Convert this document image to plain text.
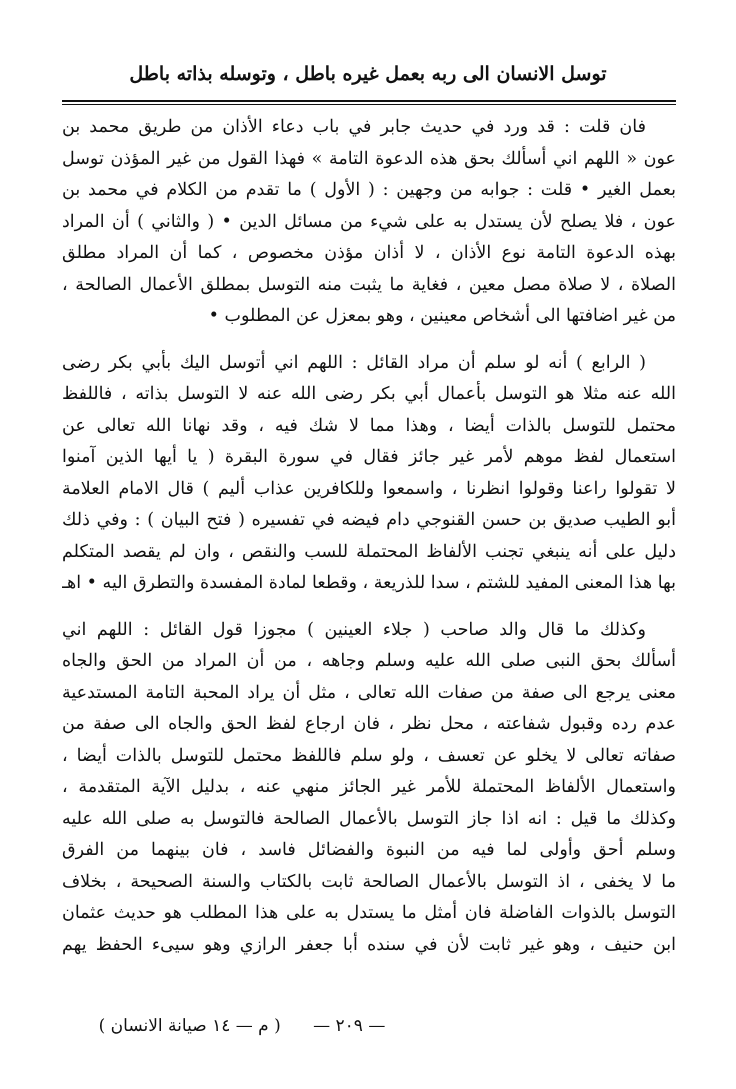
توسل الانسان الى ربه بعمل غيره باطل ، وتوسله بذاته باطل
فان قلت : قد ورد في حديث جابر في باب دعاء الأذان من طريق محمد بن
عون « اللهم اني أسألك بحق هذه الدعوة التامة » فهذا القول من غير المؤذن توسل
بعمل الغير • قلت : جوابه من وجهين : ( الأول ) ما تقدم من الكلام في محمد بن
عون ، فلا يصلح لأن يستدل به على شيء من مسائل الدين • ( والثاني ) أن المراد
بهذه الدعوة التامة نوع الأذان ، لا أذان مؤذن مخصوص ، كما أن المراد مطلق
الصلاة ، لا صلاة مصل معين ، فغاية ما يثبت منه التوسل بمطلق الأعمال الصالحة ،
من غير اضافتها الى أشخاص معينين ، وهو بمعزل عن المطلوب •
( الرابع ) أنه لو سلم أن مراد القائل : اللهم اني أتوسل اليك بأبي بكر رضى
الله عنه مثلا هو التوسل بأعمال أبي بكر رضى الله عنه لا التوسل بذاته ، فاللفظ
محتمل للتوسل بالذات أيضا ، وهذا مما لا شك فيه ، وقد نهانا الله تعالى عن
استعمال لفظ موهم لأمر غير جائز فقال في سورة البقرة ( يا أيها الذين آمنوا
لا تقولوا راعنا وقولوا انظرنا ، واسمعوا وللكافرين عذاب أليم ) قال الامام العلامة
أبو الطيب صديق بن حسن القنوجي دام فيضه في تفسيره ( فتح البيان ) : وفي ذلك
دليل على أنه ينبغي تجنب الألفاظ المحتملة للسب والنقص ، وان لم يقصد المتكلم
بها هذا المعنى المفيد للشتم ، سدا للذريعة ، وقطعا لمادة المفسدة والتطرق اليه • اهـ
وكذلك ما قال والد صاحب ( جلاء العينين ) مجوزا قول القائل : اللهم اني
أسألك بحق النبى صلى الله عليه وسلم وجاهه ، من أن المراد من الحق والجاه
معنى يرجع الى صفة من صفات الله تعالى ، مثل أن يراد المحبة التامة المستدعية
عدم رده وقبول شفاعته ، محل نظر ، فان ارجاع لفظ الحق والجاه الى صفة من
صفاته تعالى لا يخلو عن تعسف ، ولو سلم فاللفظ محتمل للتوسل بالذات أيضا ،
واستعمال الألفاظ المحتملة للأمر غير الجائز منهي عنه ، بدليل الآية المتقدمة ،
وكذلك ما قيل : انه اذا جاز التوسل بالأعمال الصالحة فالتوسل به صلى الله عليه
وسلم أحق وأولى لما فيه من النبوة والفضائل فاسد ، فان بينهما من الفرق
ما لا يخفى ، اذ التوسل بالأعمال الصالحة ثابت بالكتاب والسنة الصحيحة ، بخلاف
التوسل بالذوات الفاضلة فان أمثل ما يستدل به على هذا المطلب هو حديث عثمان
ابن حنيف ، وهو غير ثابت لأن في سنده أبا جعفر الرازي وهو سيىء الحفظ يهم
— ٢٠٩ —      ( م — ١٤ صيانة الانسان )
